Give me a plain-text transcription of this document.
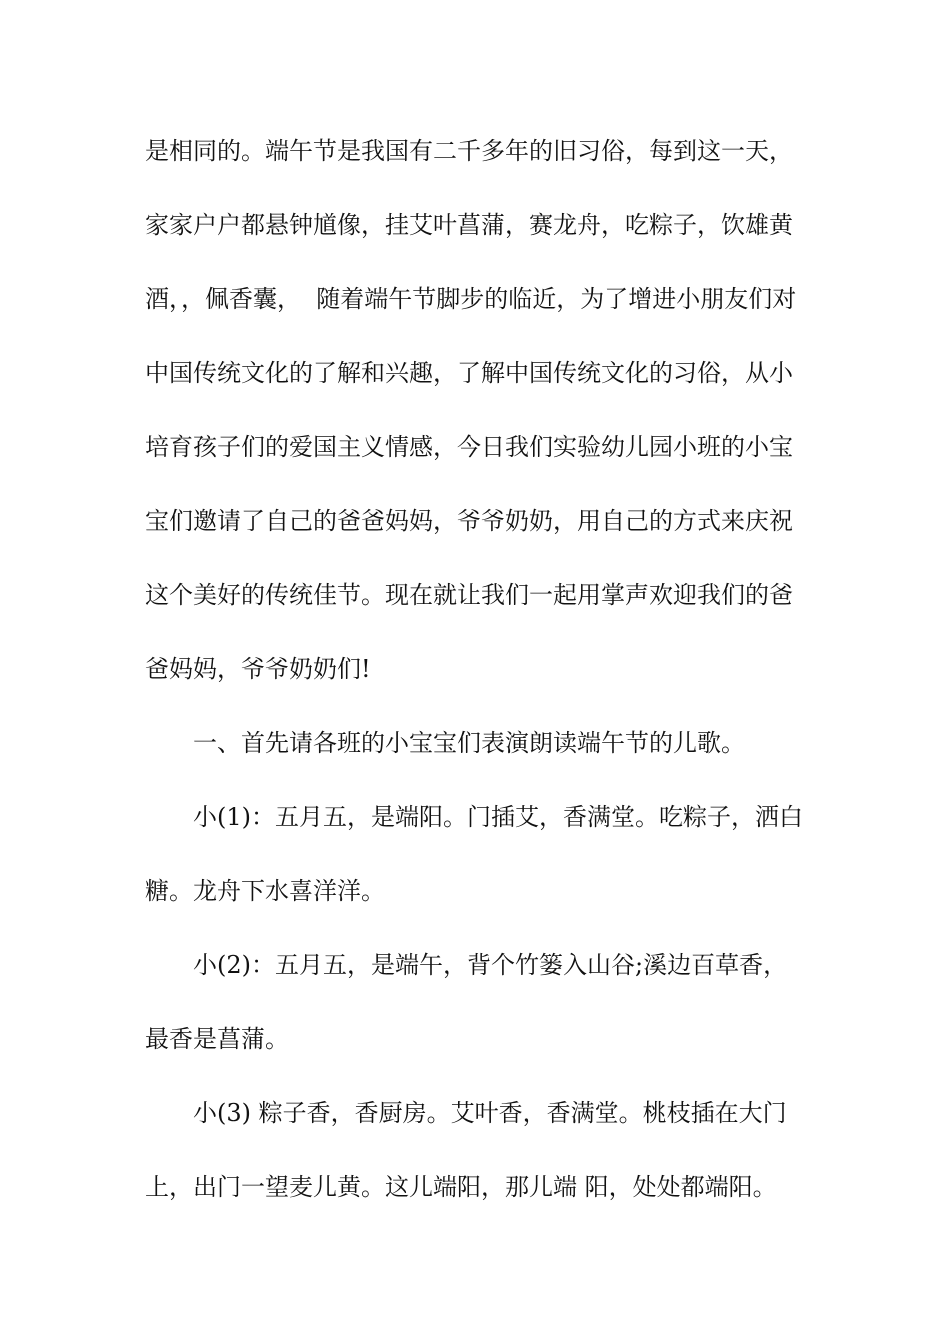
是相同的。端午节是我国有二千多年的旧习俗，每到这一天，
家家户户都悬钟馗像，挂艾叶菖蒲，赛龙舟，吃粽子，饮雄黄
酒，，佩香囊，  随着端午节脚步的临近，为了增进小朋友们对
中国传统文化的了解和兴趣，了解中国传统文化的习俗，从小
培育孩子们的爱国主义情感，今日我们实验幼儿园小班的小宝
宝们邀请了自己的爸爸妈妈，爷爷奶奶，用自己的方式来庆祝
这个美好的传统佳节。现在就让我们一起用掌声欢迎我们的爸
爸妈妈，爷爷奶奶们!
一、首先请各班的小宝宝们表演朗读端午节的儿歌。
小(1)：五月五，是端阳。门插艾，香满堂。吃粽子，洒白
糖。龙舟下水喜洋洋。
小(2)：五月五，是端午，背个竹篓入山谷;溪边百草香，
最香是菖蒲。
小(3) 粽子香，香厨房。艾叶香，香满堂。桃枝插在大门
上，出门一望麦儿黄。这儿端阳，那儿端 阳，处处都端阳。
